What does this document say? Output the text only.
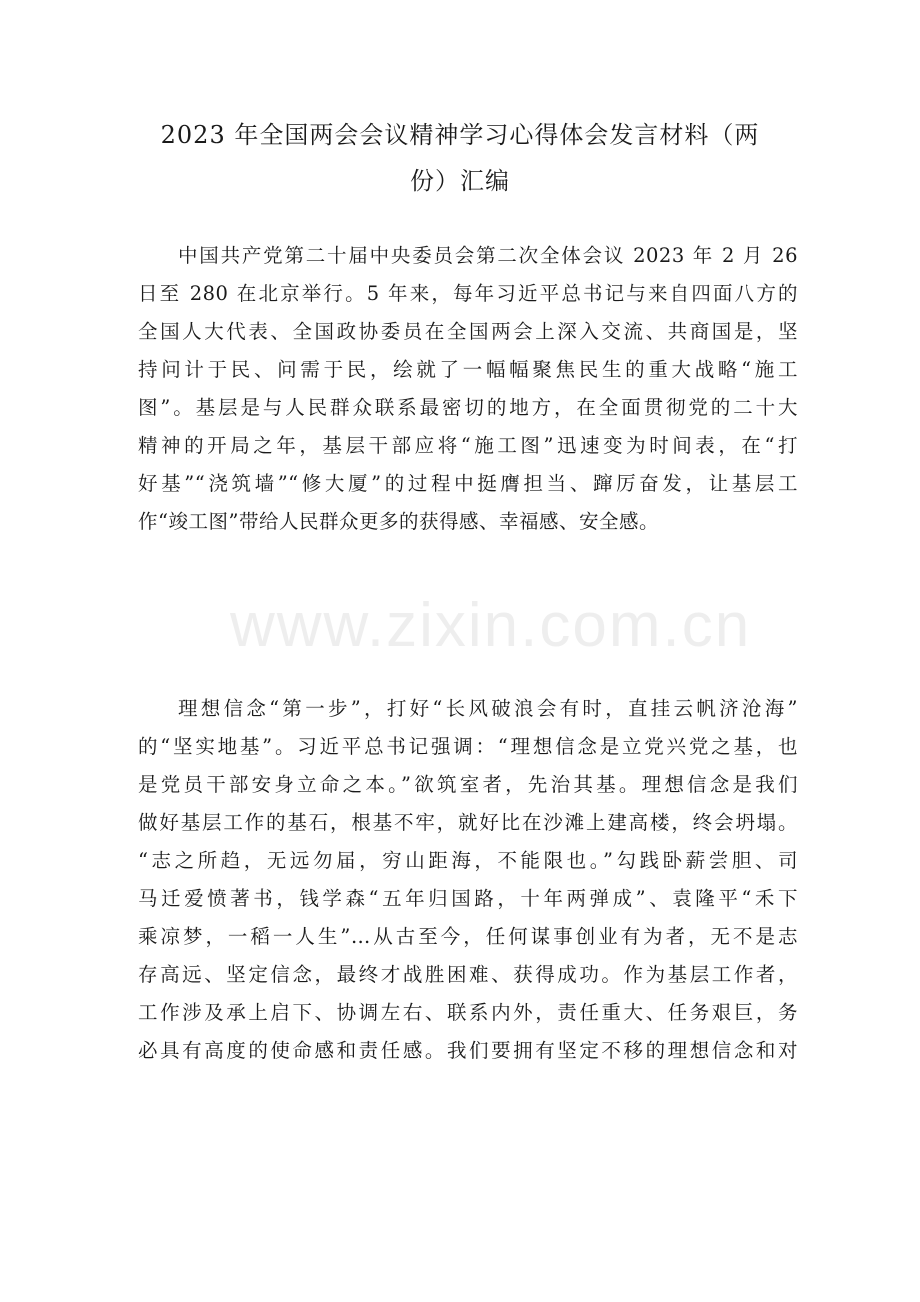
2023 年全国两会会议精神学习心得体会发言材料（两
份）汇编
中国共产党第二十届中央委员会第二次全体会议 2023 年 2 月 26
日至 280 在北京举行。5 年来，每年习近平总书记与来自四面八方的
全国人大代表、全国政协委员在全国两会上深入交流、共商国是，坚
持问计于民、问需于民，绘就了一幅幅聚焦民生的重大战略“施工
图”。基层是与人民群众联系最密切的地方，在全面贯彻党的二十大
精神的开局之年，基层干部应将“施工图”迅速变为时间表，在“打
好基”“浇筑墙”“修大厦”的过程中挺膺担当、蹿厉奋发，让基层工
作“竣工图”带给人民群众更多的获得感、幸福感、安全感。
www.zixin.com.cn
理想信念“第一步”，打好“长风破浪会有时，直挂云帆济沧海”
的“坚实地基”。习近平总书记强调：“理想信念是立党兴党之基，也
是党员干部安身立命之本。”欲筑室者，先治其基。理想信念是我们
做好基层工作的基石，根基不牢，就好比在沙滩上建高楼，终会坍塌。
“志之所趋，无远勿届，穷山距海，不能限也。”勾践卧薪尝胆、司
马迁爱愤著书，钱学森“五年归国路，十年两弹成”、袁隆平“禾下
乘凉梦，一稻一人生”…从古至今，任何谋事创业有为者，无不是志
存高远、坚定信念，最终才战胜困难、获得成功。作为基层工作者，
工作涉及承上启下、协调左右、联系内外，责任重大、任务艰巨，务
必具有高度的使命感和责任感。我们要拥有坚定不移的理想信念和对
